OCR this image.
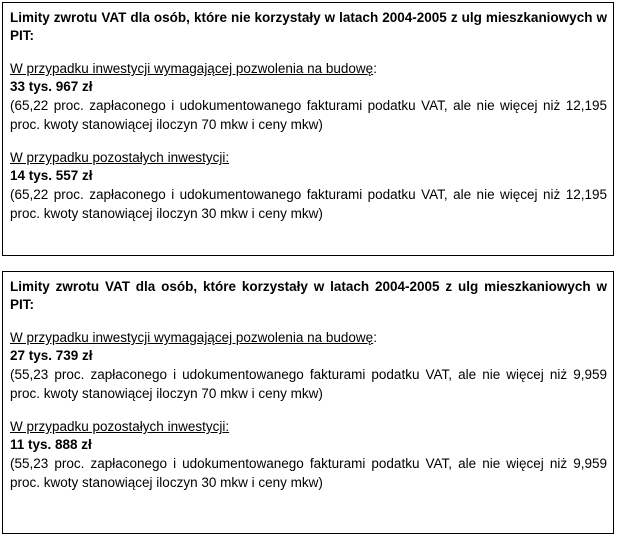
Limity zwrotu VAT dla osób, które nie korzystały w latach 2004-2005 z ulg mieszkaniowych w PIT:

W przypadku inwestycji wymagającej pozwolenia na budowę:

33 tys. 967 zł

(65,22 proc. zapłaconego i udokumentowanego fakturami podatku VAT, ale nie więcej niż 12,195 proc. kwoty stanowiącej iloczyn 70 mkw i ceny mkw)

W przypadku pozostałych inwestycji:

14 tys. 557 zł

(65,22 proc. zapłaconego i udokumentowanego fakturami podatku VAT, ale nie więcej niż 12,195 proc. kwoty stanowiącej iloczyn 30 mkw i ceny mkw)

Limity zwrotu VAT dla osób, które korzystały w latach 2004-2005 z ulg mieszkaniowych w PIT:

W przypadku inwestycji wymagającej pozwolenia na budowę:

27 tys. 739 zł

(55,23 proc. zapłaconego i udokumentowanego fakturami podatku VAT, ale nie więcej niż 9,959 proc. kwoty stanowiącej iloczyn 70 mkw i ceny mkw)

W przypadku pozostałych inwestycji:

11 tys. 888 zł

(55,23 proc. zapłaconego i udokumentowanego fakturami podatku VAT, ale nie więcej niż 9,959 proc. kwoty stanowiącej iloczyn 30 mkw i ceny mkw)
